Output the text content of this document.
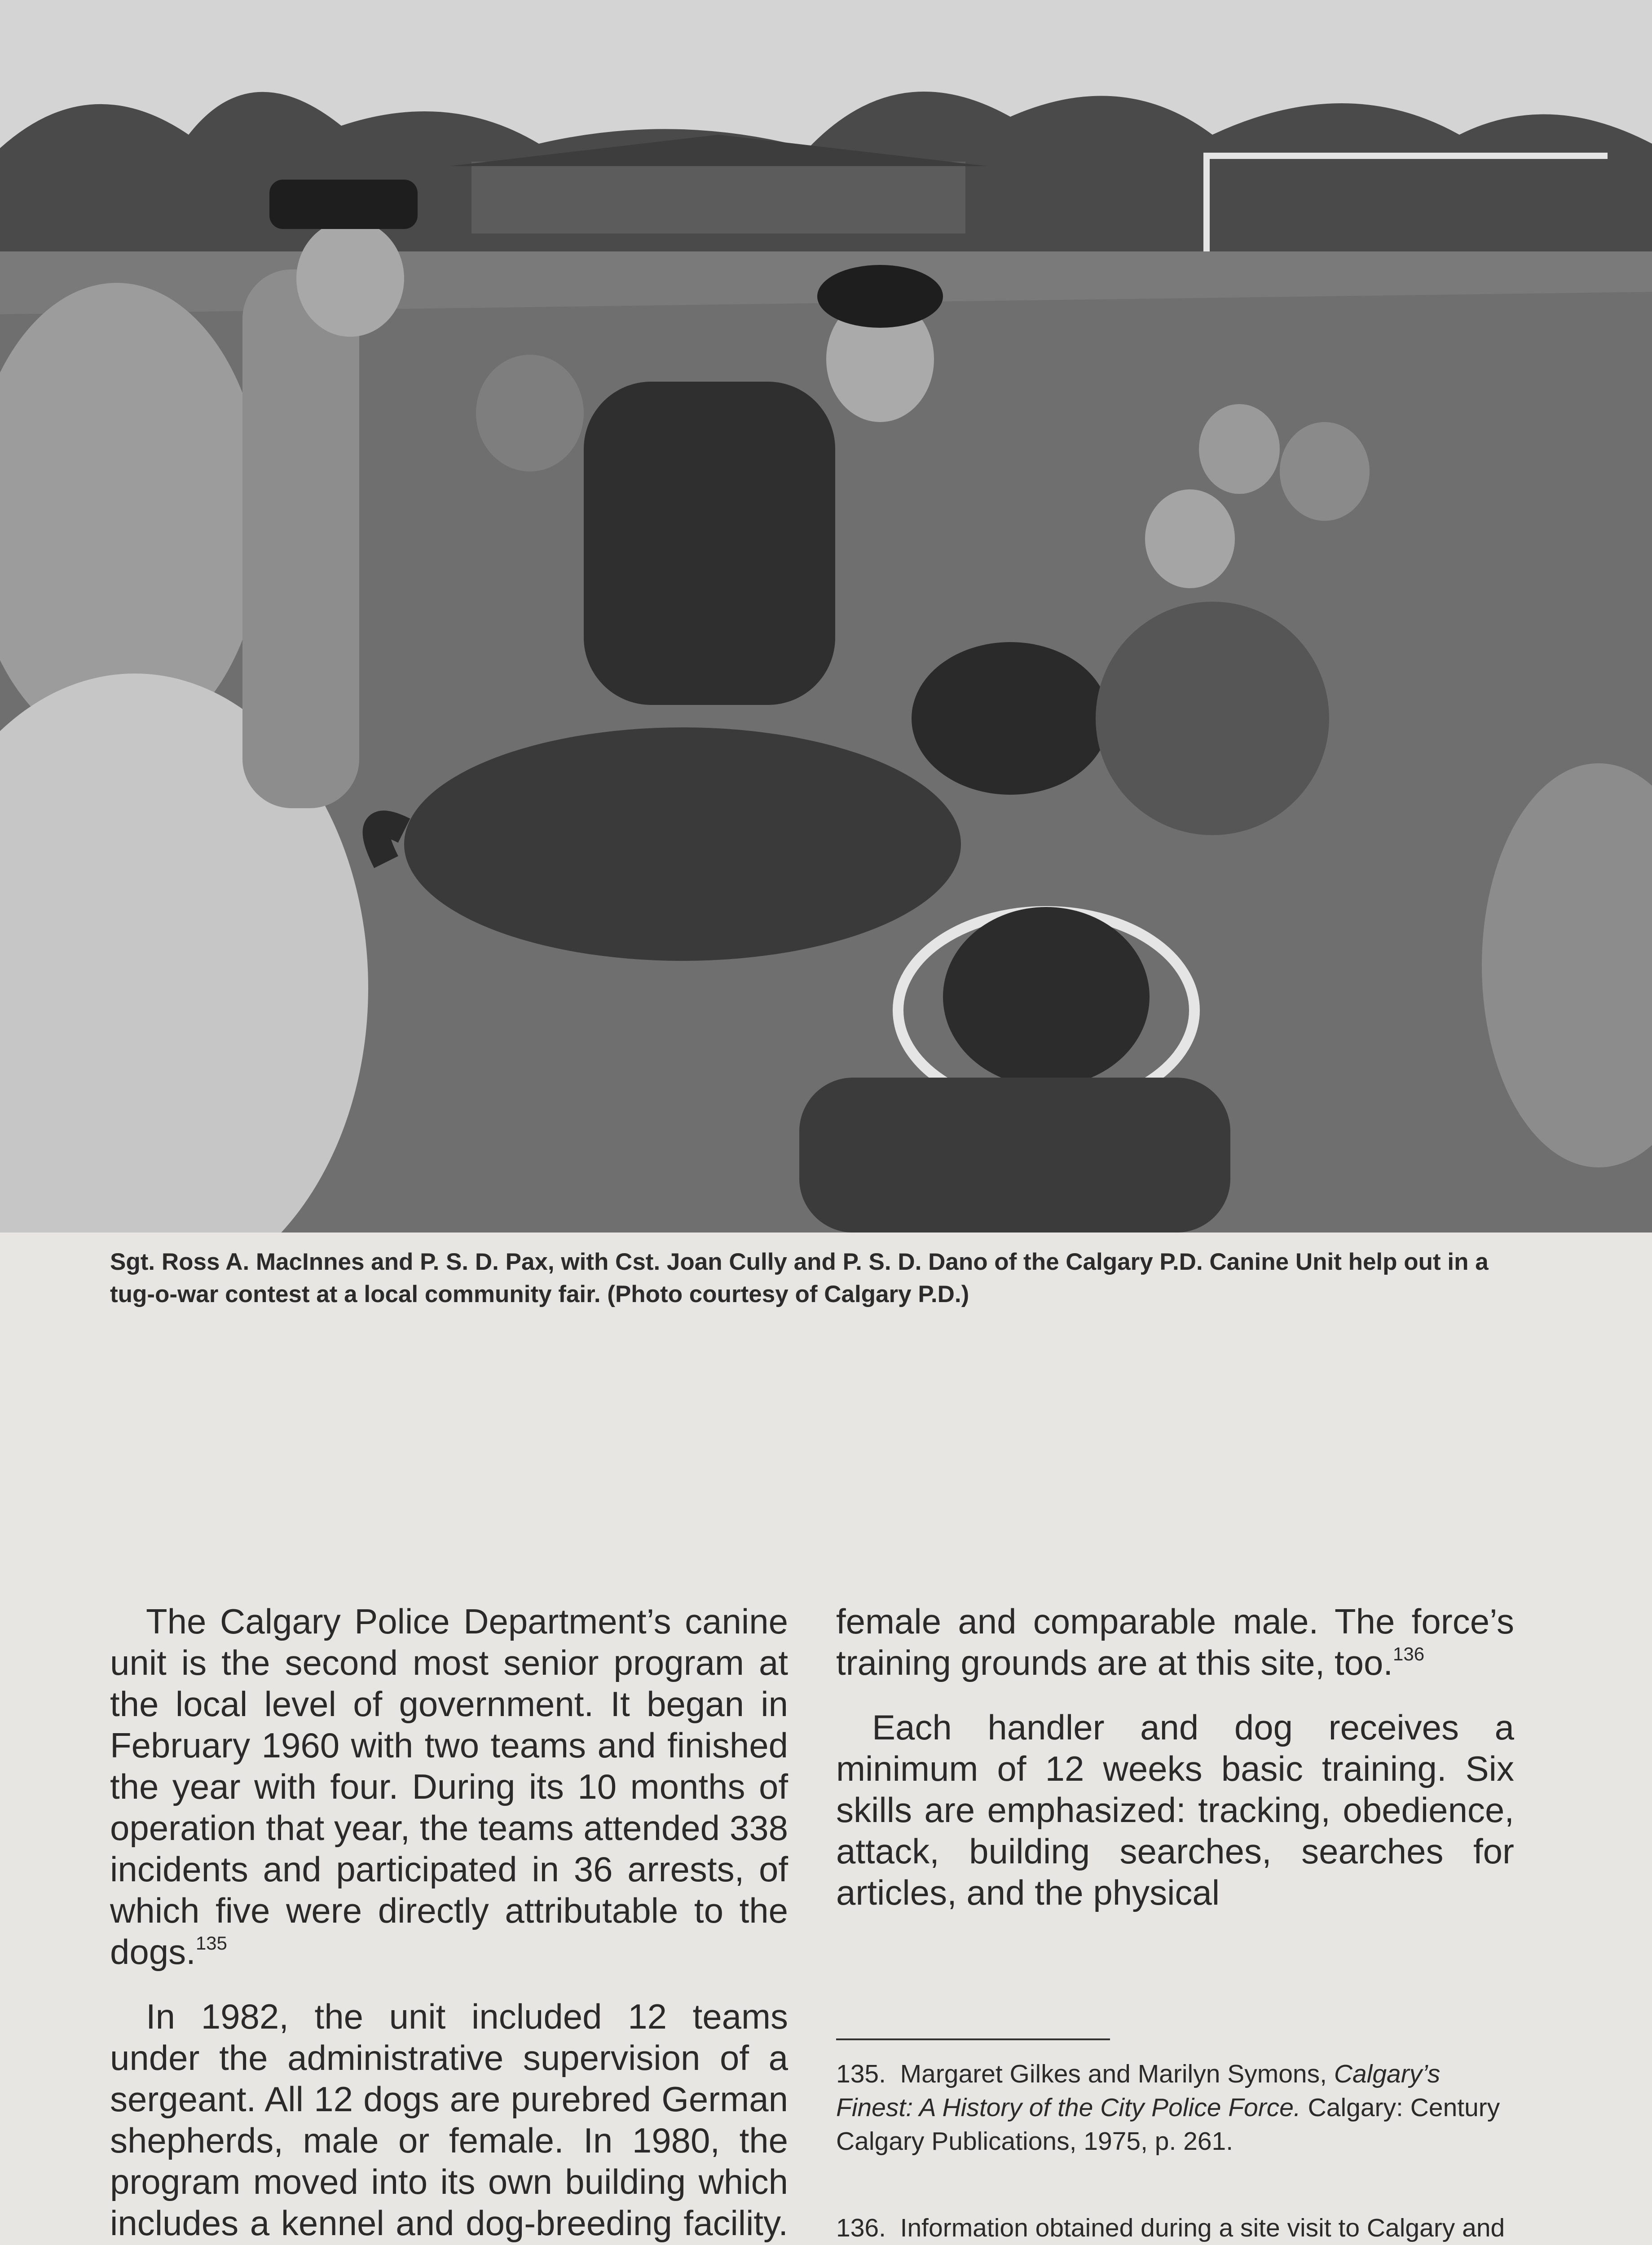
Sgt. Ross A. MacInnes and P. S. D. Pax, with Cst. Joan Cully and P. S. D. Dano of the Calgary P.D. Canine Unit help out in a tug-o-war contest at a local community fair. (Photo courtesy of Calgary P.D.)

The Calgary Police Department’s canine unit is the second most senior program at the local level of government. It began in February 1960 with two teams and finished the year with four. During its 10 months of operation that year, the teams attended 338 incidents and participated in 36 arrests, of which five were directly attributable to the dogs.$^{135}$

In 1982, the unit included 12 teams under the administrative supervision of a sergeant. All 12 dogs are purebred German shepherds, male or female. In 1980, the program moved into its own building which includes a kennel and dog-breeding facility.

female and comparable male. The force’s training grounds are at this site, too.$^{136}$

Each handler and dog receives a minimum of 12 weeks basic training. Six skills are emphasized: tracking, obedience, attack, building searches, searches for articles, and the physical

135. Margaret Gilkes and Marilyn Symons, Calgary’s Finest: A History of the City Police Force. Calgary: Century Calgary Publications, 1975, p. 261.

136. Information obtained during a site visit to Calgary and
